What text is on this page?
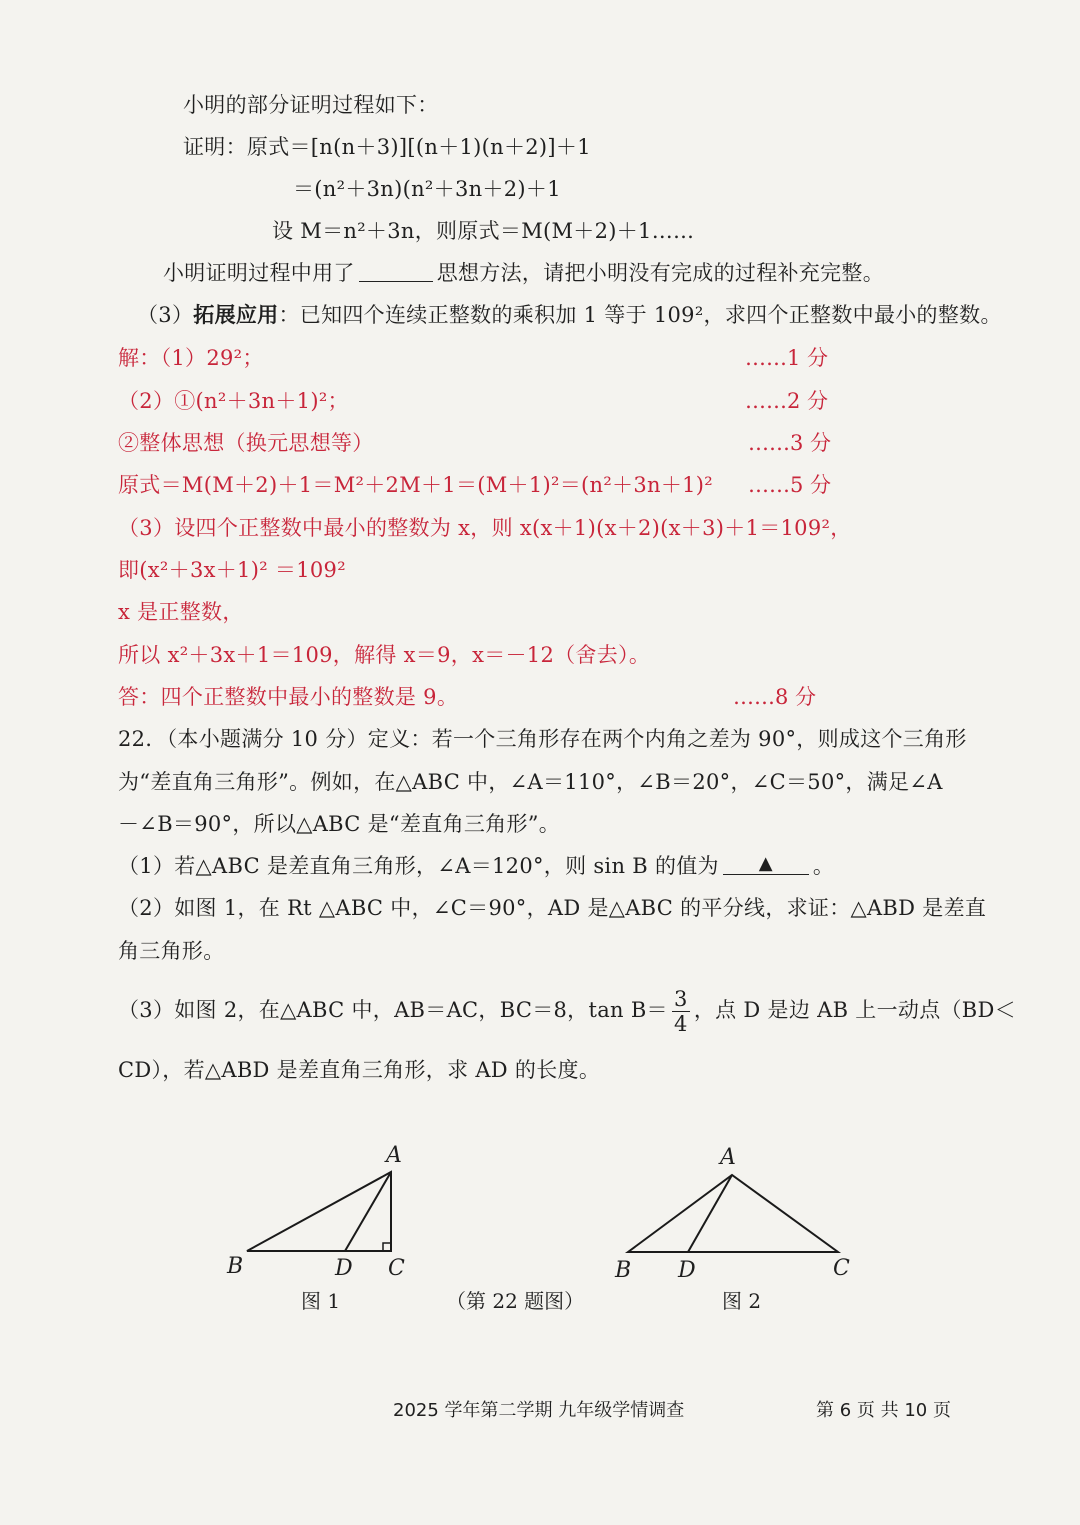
小明的部分证明过程如下：
证明：原式＝[n(n＋3)][(n＋1)(n＋2)]＋1
＝(n²＋3n)(n²＋3n＋2)＋1
设 M＝n²＋3n，则原式＝M(M＋2)＋1……
小明证明过程中用了	思想方法，请把小明没有完成的过程补充完整。
（3）拓展应用：已知四个连续正整数的乘积加 1 等于 109²，求四个正整数中最小的整数。
解：（1）29²；	……1 分
（2）①(n²＋3n＋1)²；	……2 分
②整体思想（换元思想等）	……3 分
原式＝M(M＋2)＋1＝M²＋2M＋1＝(M＋1)²＝(n²＋3n＋1)² ……5 分
（3）设四个正整数中最小的整数为 x，则 x(x＋1)(x＋2)(x＋3)＋1＝109²，
即(x²＋3x＋1)² ＝109²
x 是正整数，
所以 x²＋3x＋1＝109，解得 x＝9，x＝－12（舍去）。
答：四个正整数中最小的整数是 9。	……8 分
22．（本小题满分 10 分）定义：若一个三角形存在两个内角之差为 90°，则成这个三角形
为“差直角三角形”。例如，在△ABC 中，∠A＝110°，∠B＝20°，∠C＝50°，满足∠A
－∠B＝90°，所以△ABC 是“差直角三角形”。
（1）若△ABC 是差直角三角形，∠A＝120°，则 sin B 的值为 ▲ 。
（2）如图 1，在 Rt △ABC 中，∠C＝90°，AD 是△ABC 的平分线，求证：△ABD 是差直
角三角形。
（3）如图 2，在△ABC 中，AB＝AC，BC＝8，$\tan B= \frac{3}{4}$ ，点 D 是边 AB 上一动点（BD＜
CD），若△ABD 是差直角三角形，求 AD 的长度。
A
B	D C
图 1
A
B D	C
图 2
（第 22 题图）
2025 学年第二学期 九年级学情调查	第 6 页 共 10 页
